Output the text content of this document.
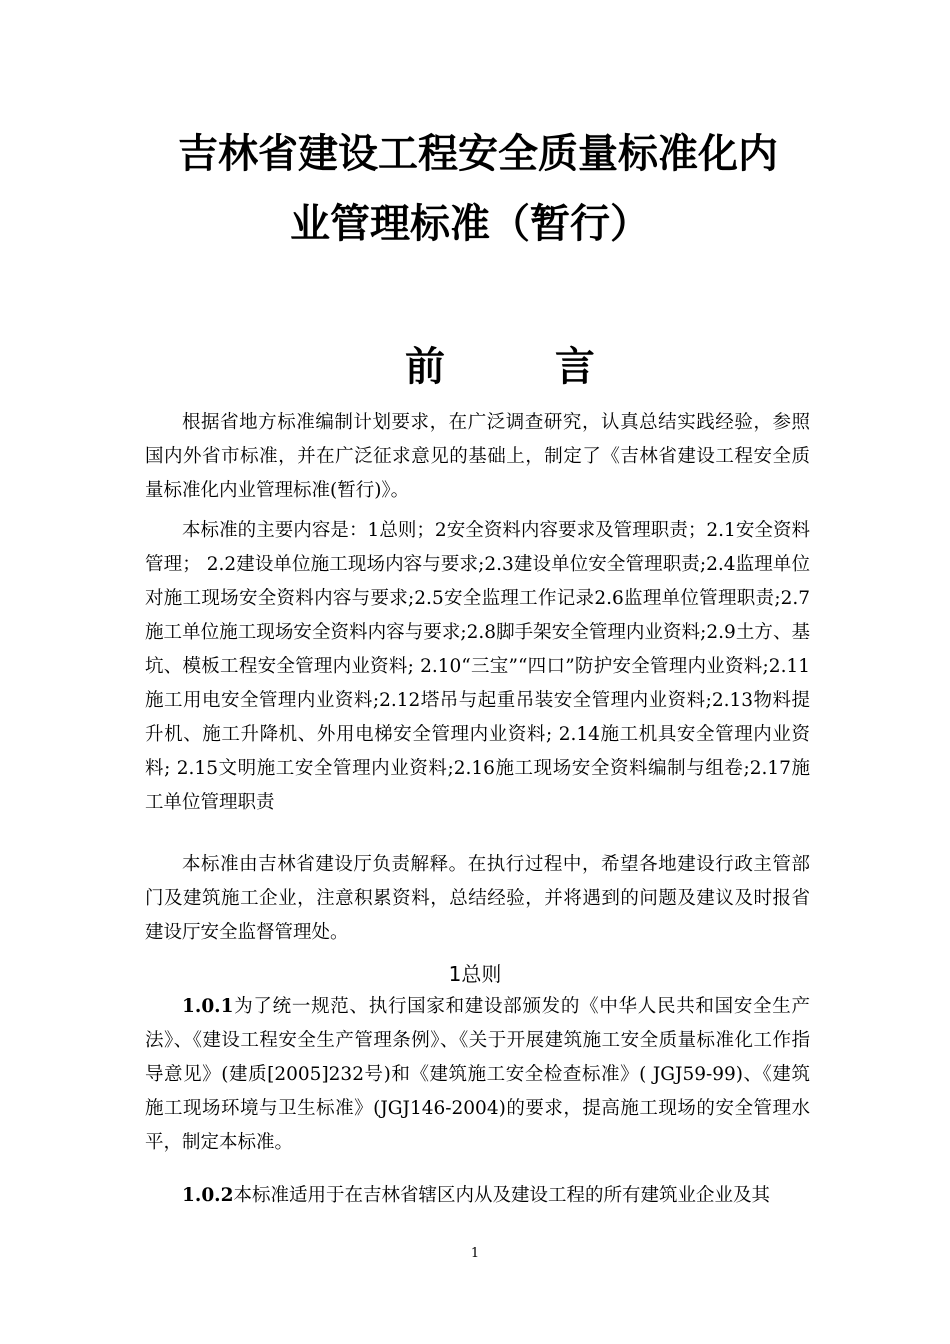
吉林省建设工程安全质量标准化内
业管理标准（暂行）
前 言

根据省地方标准编制计划要求，在广泛调查研究，认真总结实践经验，参照国内外省市标准，并在广泛征求意见的基础上，制定了《吉林省建设工程安全质量标准化内业管理标准(暂行)》。

本标准的主要内容是：1总则；2安全资料内容要求及管理职责；2.1安全资料管理； 2.2建设单位施工现场内容与要求;2.3建设单位安全管理职责;2.4监理单位对施工现场安全资料内容与要求;2.5安全监理工作记录2.6监理单位管理职责;2.7施工单位施工现场安全资料内容与要求;2.8脚手架安全管理内业资料;2.9土方、基坑、模板工程安全管理内业资料; 2.10“三宝”“四口”防护安全管理内业资料;2.11施工用电安全管理内业资料;2.12塔吊与起重吊装安全管理内业资料;2.13物料提升机、施工升降机、外用电梯安全管理内业资料; 2.14施工机具安全管理内业资料; 2.15文明施工安全管理内业资料;2.16施工现场安全资料编制与组卷;2.17施工单位管理职责

本标准由吉林省建设厅负责解释。在执行过程中，希望各地建设行政主管部门及建筑施工企业，注意积累资料，总结经验，并将遇到的问题及建议及时报省建设厅安全监督管理处。

1总则

1.0.1为了统一规范、执行国家和建设部颁发的《中华人民共和国安全生产法》、《建设工程安全生产管理条例》、《关于开展建筑施工安全质量标准化工作指导意见》(建质[2005]232号)和《建筑施工安全检查标准》( JGJ59-99)、《建筑施工现场环境与卫生标准》(JGJ146-2004)的要求，提高施工现场的安全管理水平，制定本标准。

1.0.2本标准适用于在吉林省辖区内从及建设工程的所有建筑业企业及其

1
